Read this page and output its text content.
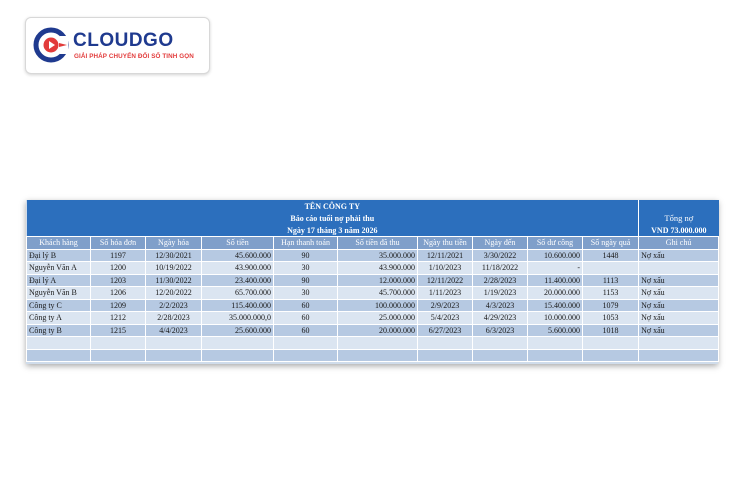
CLOUDGO
GIẢI PHÁP CHUYỂN ĐỔI SỐ TINH GỌN
TÊN CÔNG TY										
Báo cáo tuổi nợ phải thu										Tổng nợ
Ngày 17 tháng 3 năm 2026										VND 73.000.000
Khách hàng	Số hóa đơn	Ngày hóa	Số tiền	Hạn thanh toán	Số tiền đã thu	Ngày thu tiền	Ngày đến	Số dư công	Số ngày quá	Ghi chú
Đại lý B	1197	12/30/2021	45.600.000	90	35.000.000	12/11/2021	3/30/2022	10.600.000	1448	Nợ xấu
Nguyễn Văn A	1200	10/19/2022	43.900.000	30	43.900.000	1/10/2023	11/18/2022	-		
Đại lý A	1203	11/30/2022	23.400.000	90	12.000.000	12/11/2022	2/28/2023	11.400.000	1113	Nợ xấu
Nguyễn Văn B	1206	12/20/2022	65.700.000	30	45.700.000	1/11/2023	1/19/2023	20.000.000	1153	Nợ xấu
Công ty C	1209	2/2/2023	115.400.000	60	100.000.000	2/9/2023	4/3/2023	15.400.000	1079	Nợ xấu
Công ty A	1212	2/28/2023	35.000.000,0	60	25.000.000	5/4/2023	4/29/2023	10.000.000	1053	Nợ xấu
Công ty B	1215	4/4/2023	25.600.000	60	20.000.000	6/27/2023	6/3/2023	5.600.000	1018	Nợ xấu
